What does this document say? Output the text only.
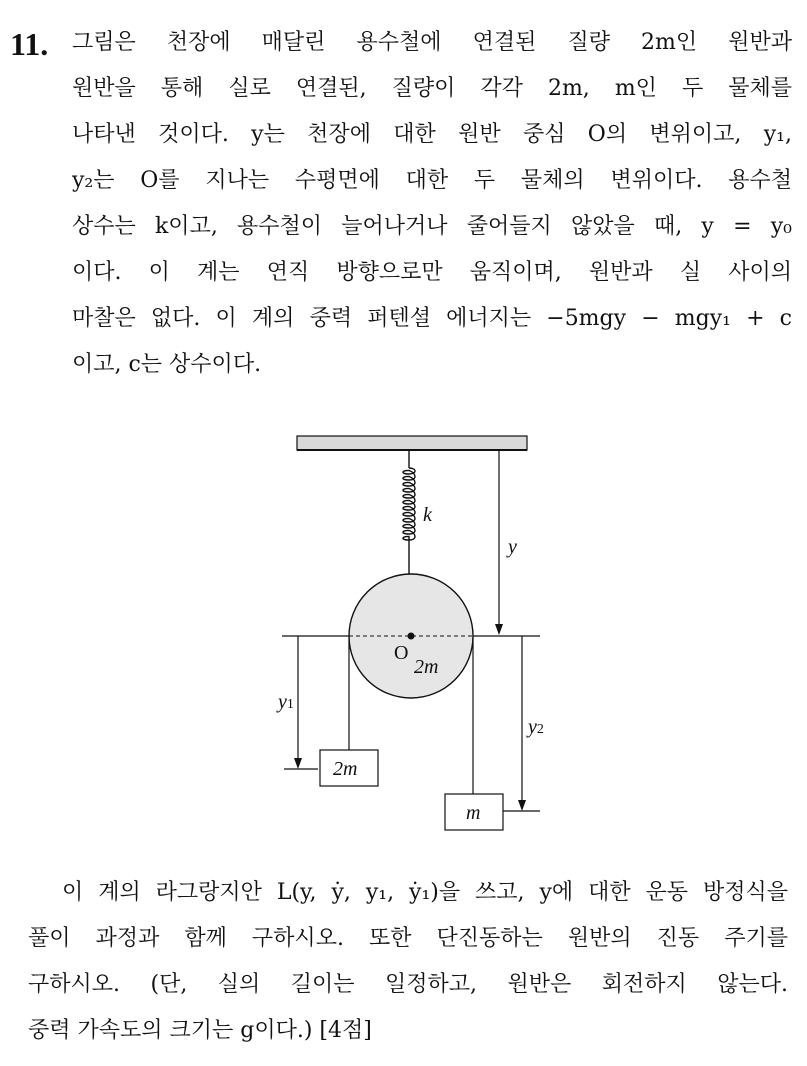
11. 그림은 천장에 매달린 용수철에 연결된 질량 2m인 원반과
원반을 통해 실로 연결된, 질량이 각각 2m, m인 두 물체를
나타낸 것이다. y는 천장에 대한 원반 중심 O의 변위이고, y₁,
y₂는 O를 지나는 수평면에 대한 두 물체의 변위이다. 용수철
상수는 k이고, 용수철이 늘어나거나 줄어들지 않았을 때, y = y₀
이다. 이 계는 연직 방향으로만 움직이며, 원반과 실 사이의
마찰은 없다. 이 계의 중력 퍼텐셜 에너지는 −5mgy − mgy₁ + c
이고, c는 상수이다.
k
y
O
2m
y1
y2
2m
m
이 계의 라그랑지안 L(y, ẏ, y₁, ẏ₁)을 쓰고, y에 대한 운동 방정식을
풀이 과정과 함께 구하시오. 또한 단진동하는 원반의 진동 주기를
구하시오. (단, 실의 길이는 일정하고, 원반은 회전하지 않는다.
중력 가속도의 크기는 g이다.) [4점]
